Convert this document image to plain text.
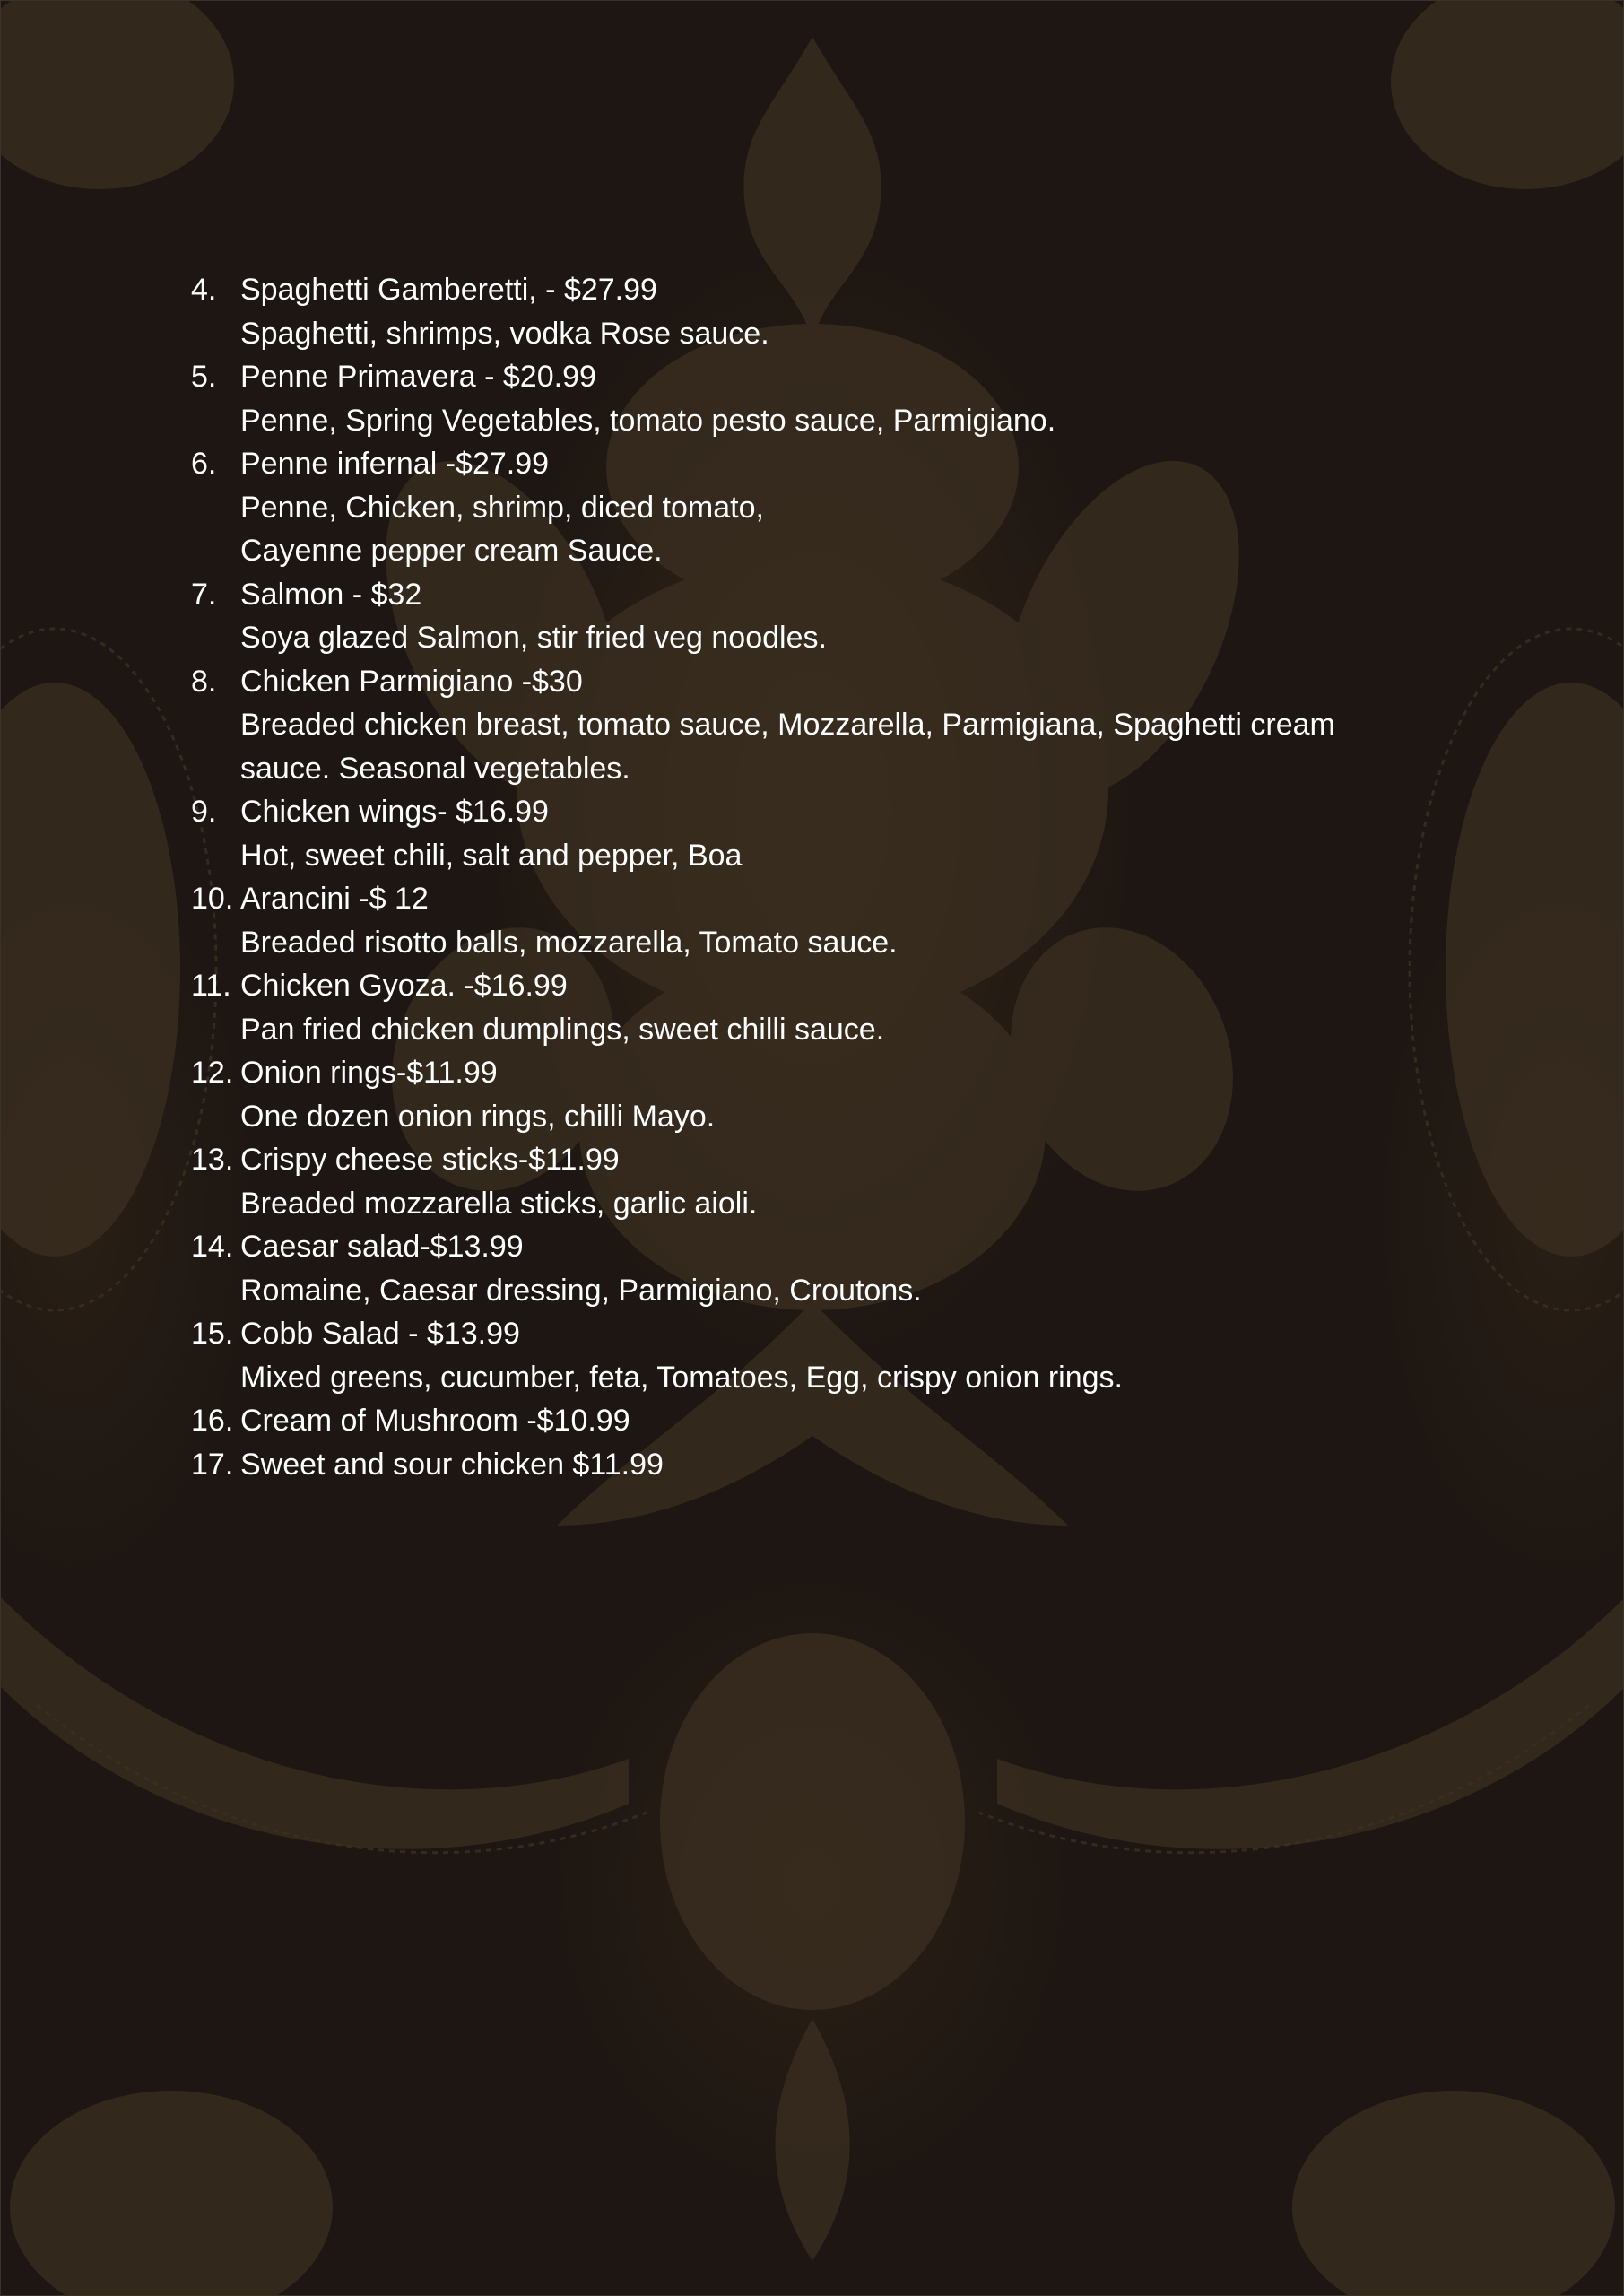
4. Spaghetti Gamberetti, - $27.99
Spaghetti, shrimps, vodka Rose sauce.
5. Penne Primavera - $20.99
Penne, Spring Vegetables, tomato pesto sauce, Parmigiano.
6. Penne infernal -$27.99
Penne, Chicken, shrimp, diced tomato,
Cayenne pepper cream Sauce.
7. Salmon - $32
Soya glazed Salmon, stir fried veg noodles.
8. Chicken Parmigiano -$30
Breaded chicken breast, tomato sauce, Mozzarella, Parmigiana, Spaghetti cream
sauce. Seasonal vegetables.
9. Chicken wings- $16.99
Hot, sweet chili, salt and pepper, Boa
10. Arancini -$ 12
Breaded risotto balls, mozzarella, Tomato sauce.
11. Chicken Gyoza. -$16.99
Pan fried chicken dumplings, sweet chilli sauce.
12. Onion rings-$11.99
One dozen onion rings, chilli Mayo.
13. Crispy cheese sticks-$11.99
Breaded mozzarella sticks, garlic aioli.
14. Caesar salad-$13.99
Romaine, Caesar dressing, Parmigiano, Croutons.
15. Cobb Salad - $13.99
Mixed greens, cucumber, feta, Tomatoes, Egg, crispy onion rings.
16. Cream of Mushroom -$10.99
17. Sweet and sour chicken $11.99
